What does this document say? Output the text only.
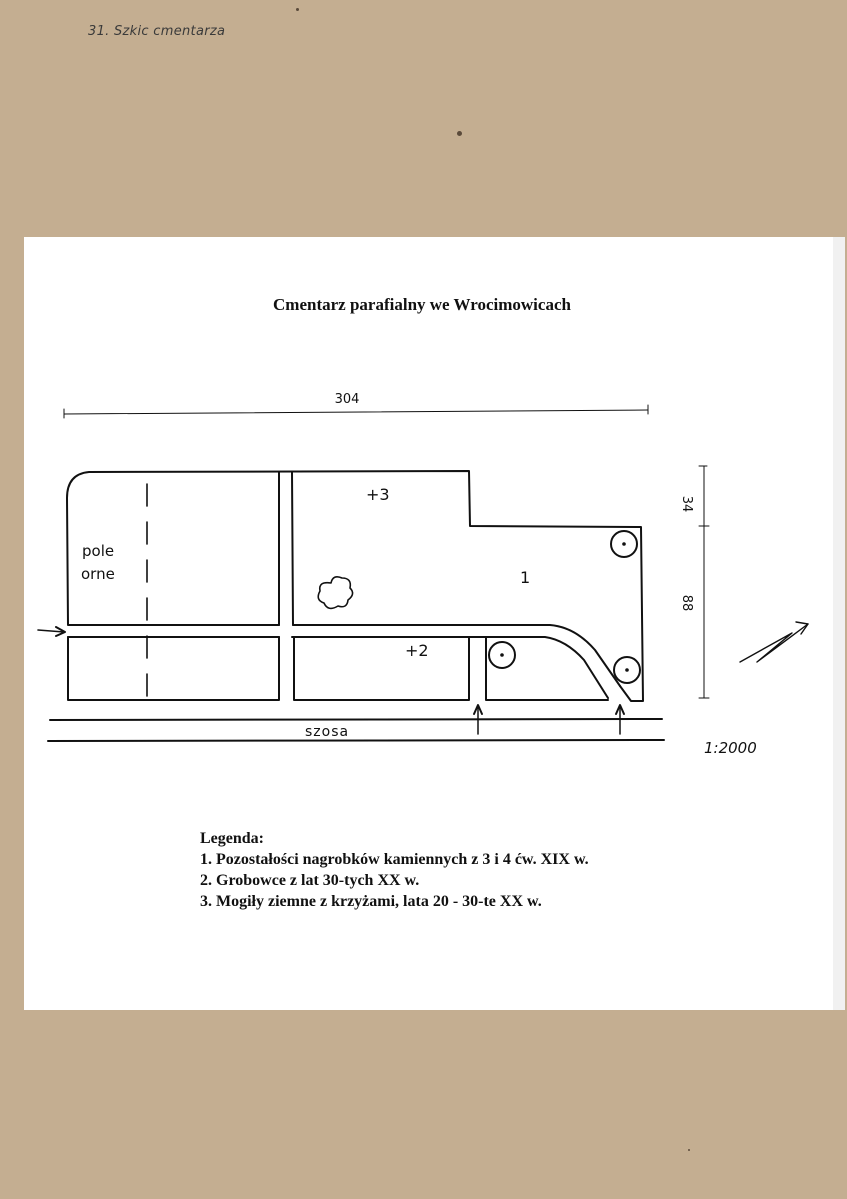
31. Szkic cmentarza
Cmentarz parafialny we Wrocimowicach
304
34
88
pole
orne
+3
1
+2
szosa
1:2000
Legenda:
1. Pozostałości nagrobków kamiennych z 3 i 4 ćw. XIX w.
2. Grobowce z lat 30-tych XX w.
3. Mogiły ziemne z krzyżami, lata 20 - 30-te XX w.
